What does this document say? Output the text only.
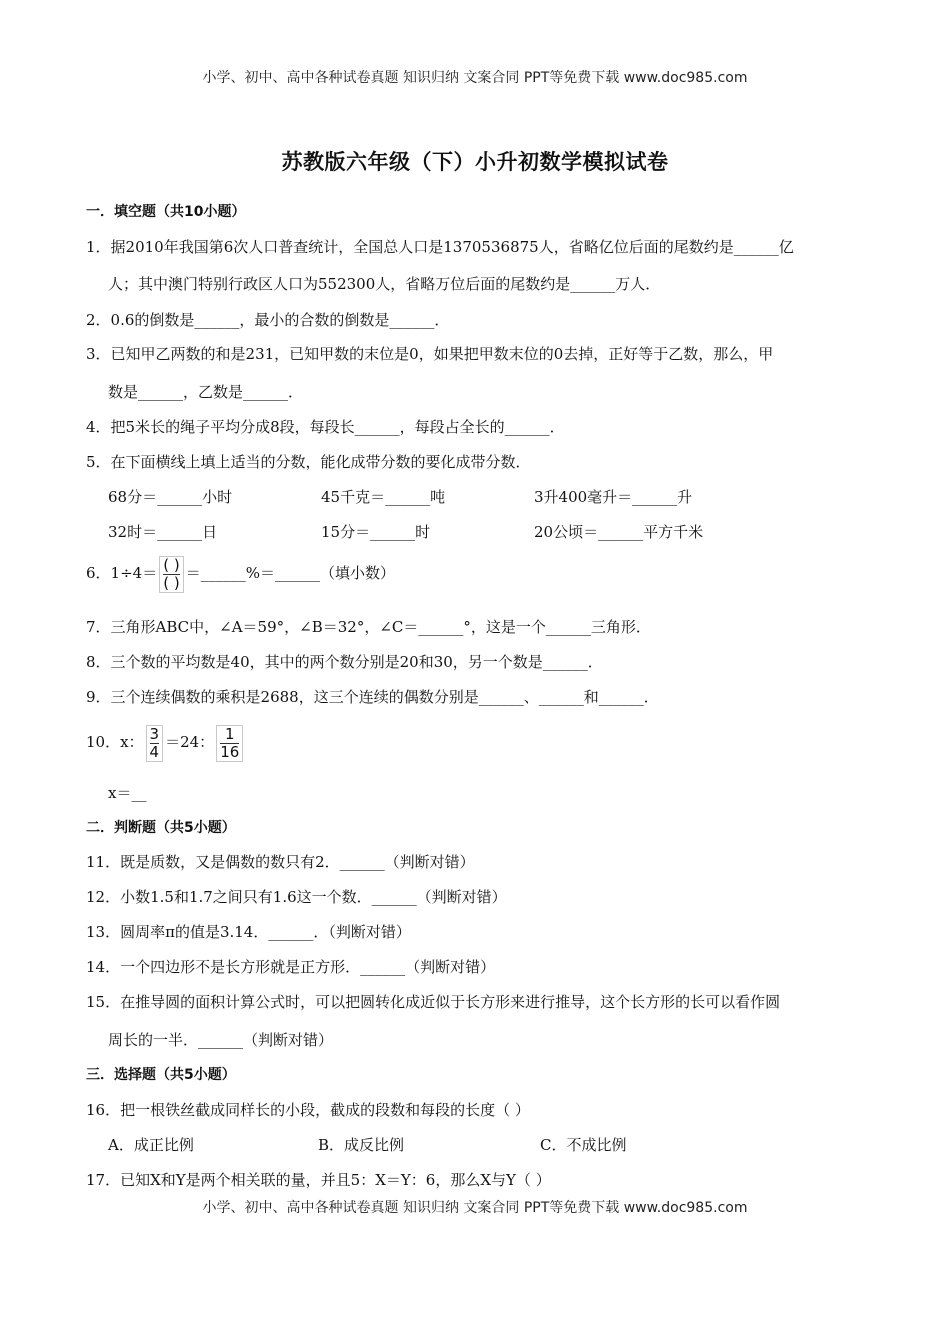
小学、初中、高中各种试卷真题 知识归纳 文案合同 PPT等免费下载 www.doc985.com
苏教版六年级（下）小升初数学模拟试卷
一．填空题（共10小题）
1．据2010年我国第6次人口普查统计，全国总人口是1370536875人，省略亿位后面的尾数约是______亿
人；其中澳门特别行政区人口为552300人，省略万位后面的尾数约是______万人．
2．0.6的倒数是______，最小的合数的倒数是______．
3．已知甲乙两数的和是231，已知甲数的末位是0，如果把甲数末位的0去掉，正好等于乙数，那么，甲
数是______，乙数是______．
4．把5米长的绳子平均分成8段，每段长______，每段占全长的______．
5．在下面横线上填上适当的分数，能化成带分数的要化成带分数．
68分＝______小时	45千克＝______吨	3升400毫升＝______升
32时＝______日	15分＝______时	20公顷＝______平方千米
6．$1\div 4= \frac{( )}{( )}$ ＝______%＝______（填小数）
7．三角形ABC中，∠A＝59°，∠B＝32°，∠C＝______°，这是一个______三角形．
8．三个数的平均数是40，其中的两个数分别是20和30，另一个数是______．
9．三个连续偶数的乘积是2688，这三个连续的偶数分别是______、______和______．
10．x： $\frac{3}{4} =24$： $\frac{1}{16}$
x＝__
二．判断题（共5小题）
11．既是质数，又是偶数的数只有2．______（判断对错）
12．小数1.5和1.7之间只有1.6这一个数．______（判断对错）
13．圆周率π的值是3.14．______．（判断对错）
14．一个四边形不是长方形就是正方形．______（判断对错）
15．在推导圆的面积计算公式时，可以把圆转化成近似于长方形来进行推导，这个长方形的长可以看作圆
周长的一半．______（判断对错）
三．选择题（共5小题）
16．把一根铁丝截成同样长的小段，截成的段数和每段的长度（ ）
A．成正比例	B．成反比例	C．不成比例
17．已知X和Y是两个相关联的量，并且5：X＝Y：6，那么X与Y（ ）
小学、初中、高中各种试卷真题 知识归纳 文案合同 PPT等免费下载 www.doc985.com
